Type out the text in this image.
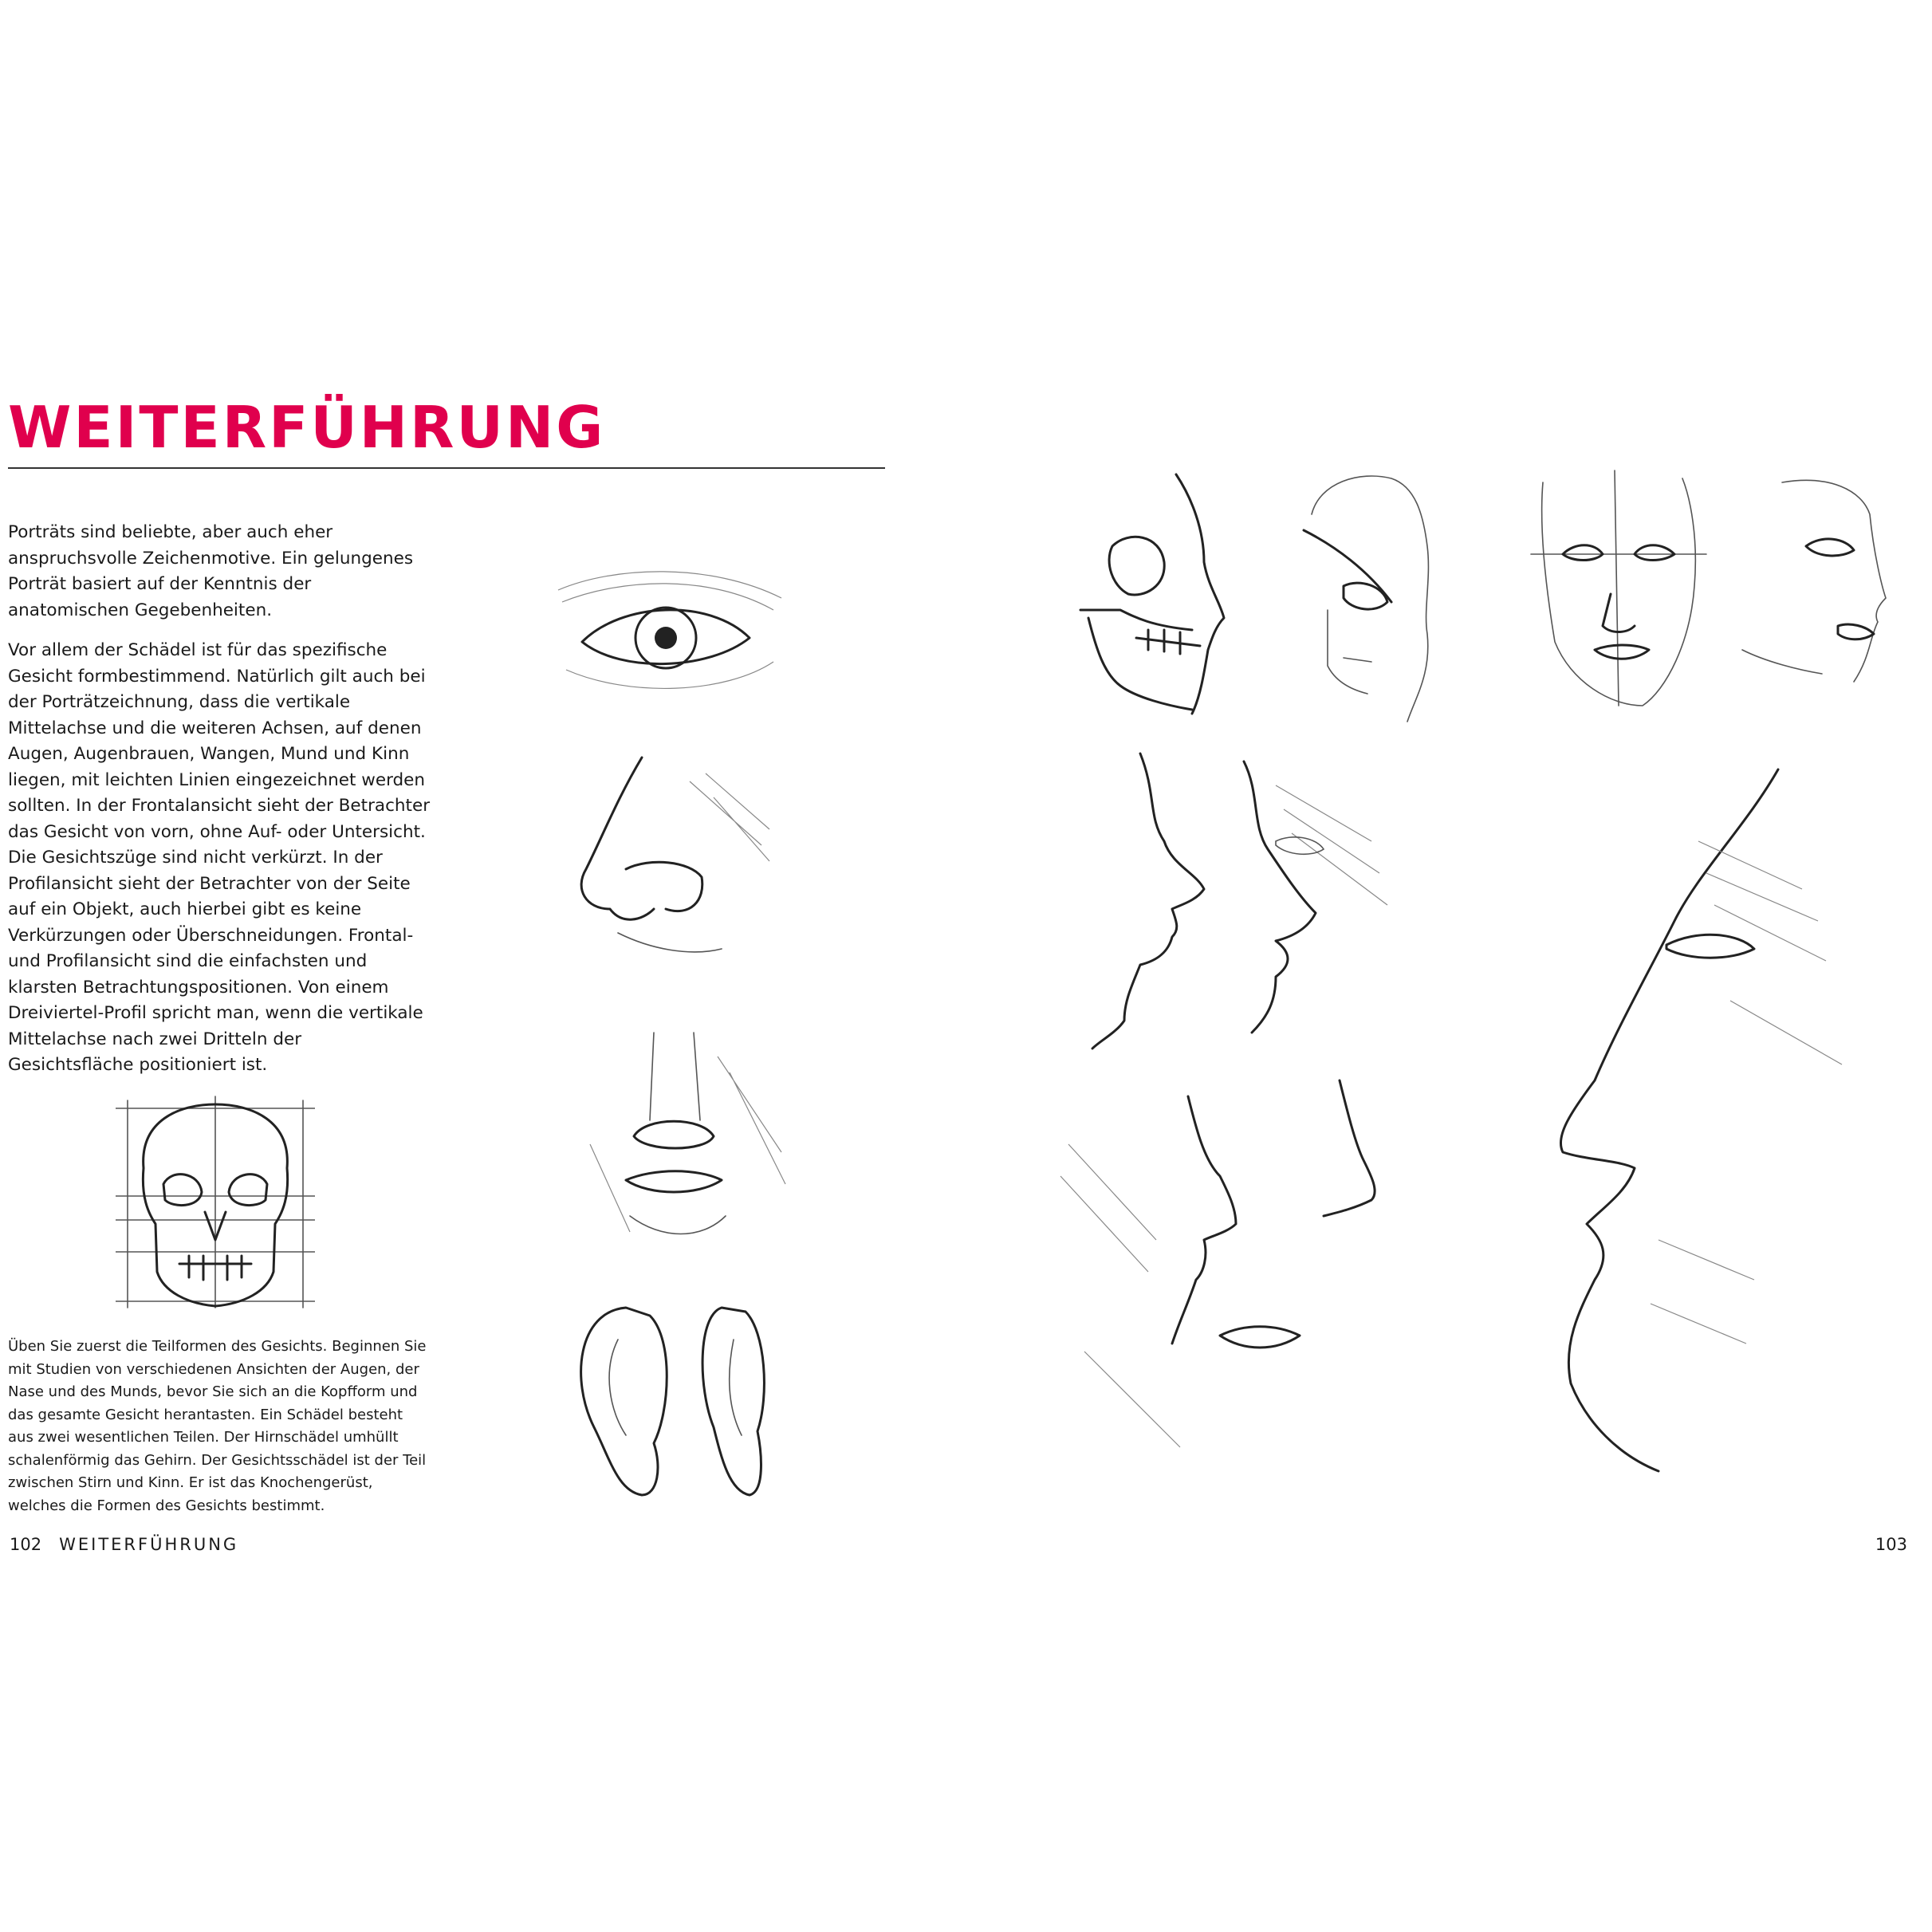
WEITERFÜHRUNG

Porträts sind beliebte, aber auch eher anspruchsvolle Zeichenmotive. Ein gelungenes Porträt basiert auf der Kenntnis der anatomischen Gegebenheiten.

Vor allem der Schädel ist für das spezifische Gesicht formbestimmend. Natürlich gilt auch bei der Porträtzeichnung, dass die vertikale Mittelachse und die weiteren Achsen, auf denen Augen, Augenbrauen, Wangen, Mund und Kinn liegen, mit leichten Linien eingezeichnet werden sollten. In der Frontalansicht sieht der Betrachter das Gesicht von vorn, ohne Auf- oder Untersicht. Die Gesichtszüge sind nicht verkürzt. In der Profilansicht sieht der Betrachter von der Seite auf ein Objekt, auch hierbei gibt es keine Verkürzungen oder Überschneidungen. Frontal- und Profilansicht sind die einfachsten und klarsten Betrachtungspositionen. Von einem Dreiviertel-Profil spricht man, wenn die vertikale Mittelachse nach zwei Dritteln der Gesichtsfläche positioniert ist.

Üben Sie zuerst die Teilformen des Gesichts. Beginnen Sie mit Studien von verschiedenen Ansichten der Augen, der Nase und des Munds, bevor Sie sich an die Kopfform und das gesamte Gesicht herantasten. Ein Schädel besteht aus zwei wesentlichen Teilen. Der Hirnschädel umhüllt schalenförmig das Gehirn. Der Gesichtsschädel ist der Teil zwischen Stirn und Kinn. Er ist das Knochengerüst, welches die Formen des Gesichts bestimmt.
102 WEITERFÜHRUNG	103
